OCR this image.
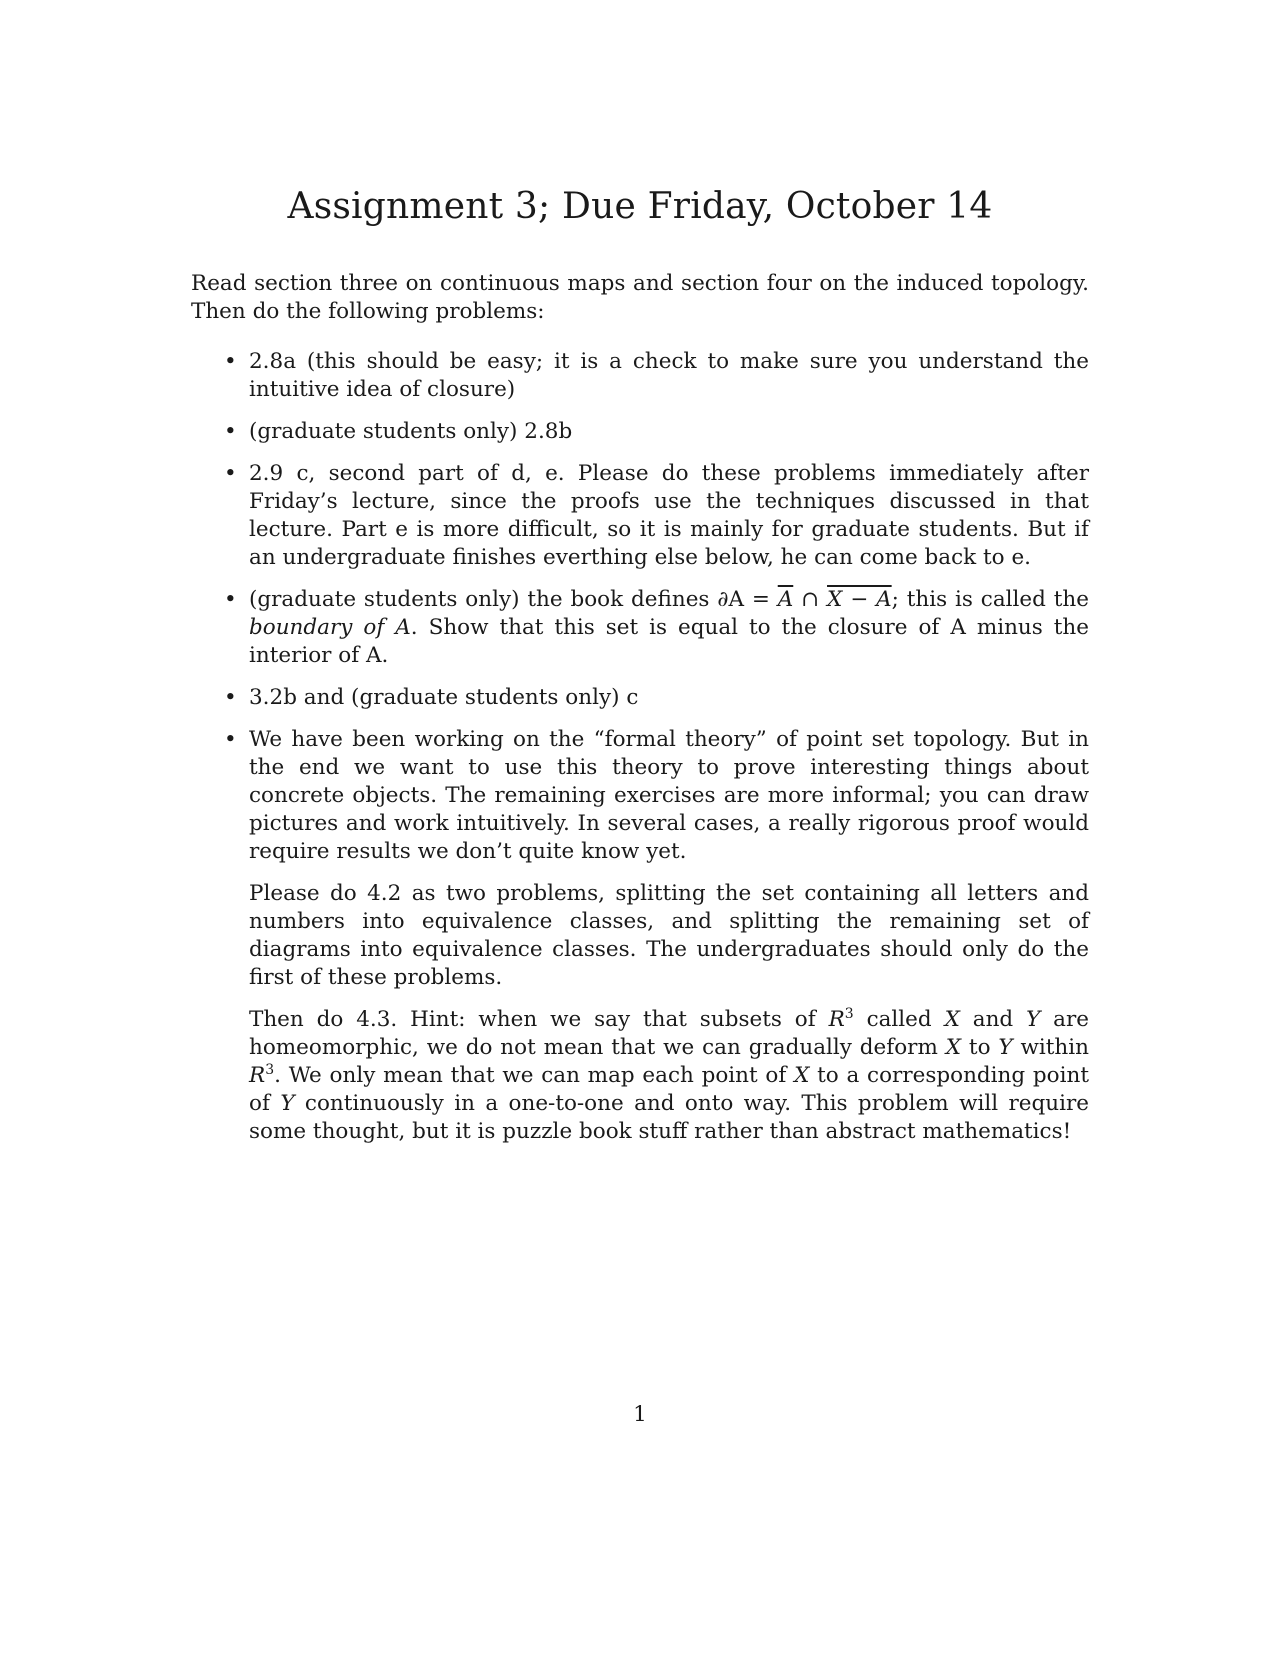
Assignment 3; Due Friday, October 14

Read section three on continuous maps and section four on the induced topology. Then do the following problems:

• 2.8a (this should be easy; it is a check to make sure you understand the intuitive idea of closure)
• (graduate students only) 2.8b
• 2.9 c, second part of d, e. Please do these problems immediately after Friday’s lecture, since the proofs use the techniques discussed in that lecture. Part e is more difficult, so it is mainly for graduate students. But if an undergraduate finishes everthing else below, he can come back to e.
• (graduate students only) the book defines $\partial A = \overline{A}$ ∩ X − A; this is called the boundary of A. Show that this set is equal to the closure of A minus the interior of A.
• 3.2b and (graduate students only) c
• We have been working on the “formal theory” of point set topology. But in the end we want to use this theory to prove interesting things about concrete objects. The remaining exercises are more informal; you can draw pictures and work intuitively. In several cases, a really rigorous proof would require results we don’t quite know yet.

Please do 4.2 as two problems, splitting the set containing all letters and numbers into equivalence classes, and splitting the remaining set of diagrams into equivalence classes. The undergraduates should only do the first of these problems.

Then do 4.3. Hint: when we say that subsets of $R^3$ called X and Y are homeomorphic, we do not mean that we can gradually deform X to Y within $R^3$. We only mean that we can map each point of X to a corresponding point of Y continuously in a one-to-one and onto way. This problem will require some thought, but it is puzzle book stuff rather than abstract mathematics!

1
